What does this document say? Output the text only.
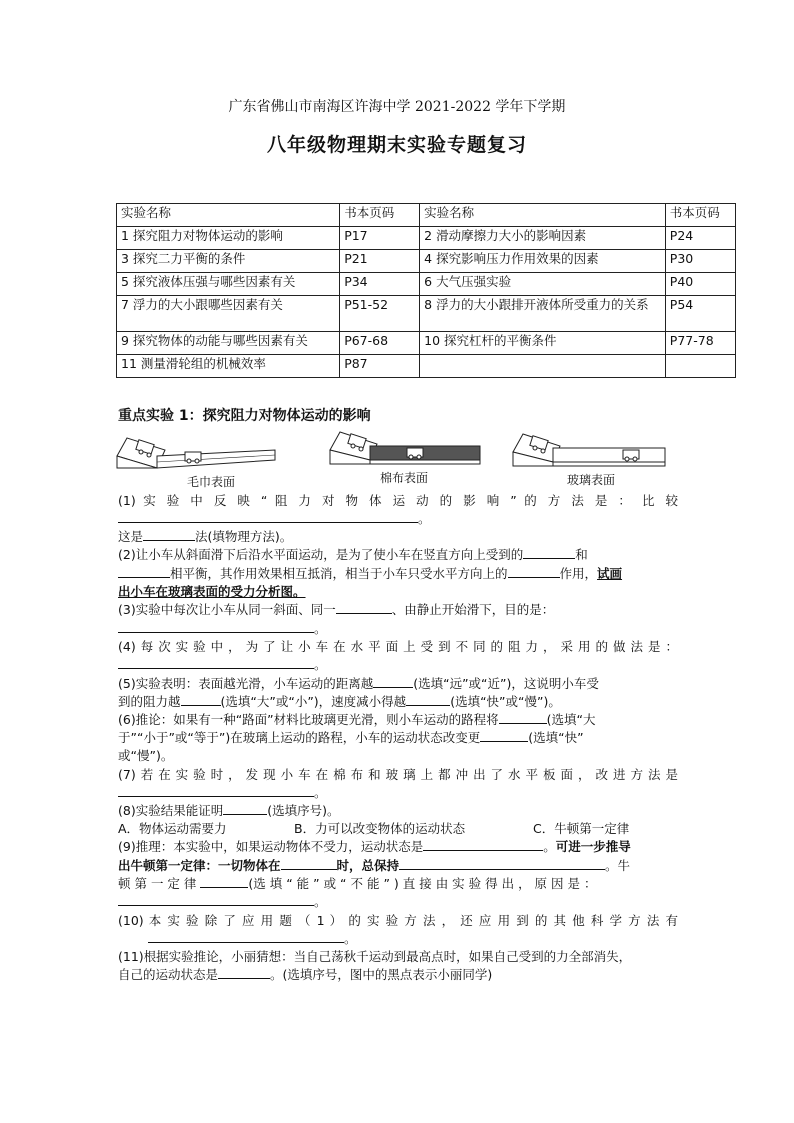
广东省佛山市南海区许海中学 2021-2022 学年下学期
八年级物理期末实验专题复习
实验名称	书本页码	实验名称	书本页码
1 探究阻力对物体运动的影响	P17	2 滑动摩擦力大小的影响因素	P24
3 探究二力平衡的条件	P21	4 探究影响压力作用效果的因素	P30
5 探究液体压强与哪些因素有关	P34	6 大气压强实验	P40
7 浮力的大小跟哪些因素有关	P51-52	8 浮力的大小跟排开液体所受重力的关系	P54
9 探究物体的动能与哪些因素有关	P67-68	10 探究杠杆的平衡条件	P77-78
11 测量滑轮组的机械效率	P87		
重点实验 1：探究阻力对物体运动的影响
毛巾表面	棉布表面	玻璃表面
(1) 实 验 中 反 映 “ 阻 力 对 物 体 运 动 的 影 响 ” 的 方 法 是 ： 比 较
。
这是	法(填物理方法)。
(2)让小车从斜面滑下后沿水平面运动，是为了使小车在竖直方向上受到的	和
相平衡，其作用效果相互抵消，相当于小车只受水平方向上的	作用，试画
出小车在玻璃表面的受力分析图。
(3)实验中每次让小车从同一斜面、同一	、由静止开始滑下，目的是：
。
(4)每次实验中，为了让小车在水平面上受到不同的阻力，采用的做法是：
。
(5)实验表明：表面越光滑，小车运动的距离越	(选填“远”或“近”)，这说明小车受
到的阻力越	(选填“大”或“小”)，速度减小得越	(选填“快”或“慢”)。
(6)推论：如果有一种“路面”材料比玻璃更光滑，则小车运动的路程将	(选填“大
于”“小于”或“等于”)在玻璃上运动的路程，小车的运动状态改变更	(选填“快”
或“慢”)。
(7)若在实验时，发现小车在棉布和玻璃上都冲出了水平板面，改进方法是
。
(8)实验结果能证明	(选填序号)。
A．物体运动需要力	B．力可以改变物体的运动状态	C．牛顿第一定律
(9)推理：本实验中，如果运动物体不受力，运动状态是	。可进一步推导
出牛顿第一定律：一切物体在	时，总保持	。牛
顿 第 一 定 律	(选 填 “ 能 ” 或 “ 不 能 ” ) 直 接 由 实 验 得 出 ， 原 因 是 ：
。
(10) 本 实 验 除 了 应 用 题 （ 1 ） 的 实 验 方 法 ， 还 应 用 到 的 其 他 科 学 方 法 有
。
(11)根据实验推论，小丽猜想：当自己荡秋千运动到最高点时，如果自己受到的力全部消失，
自己的运动状态是	。(选填序号，图中的黑点表示小丽同学)
